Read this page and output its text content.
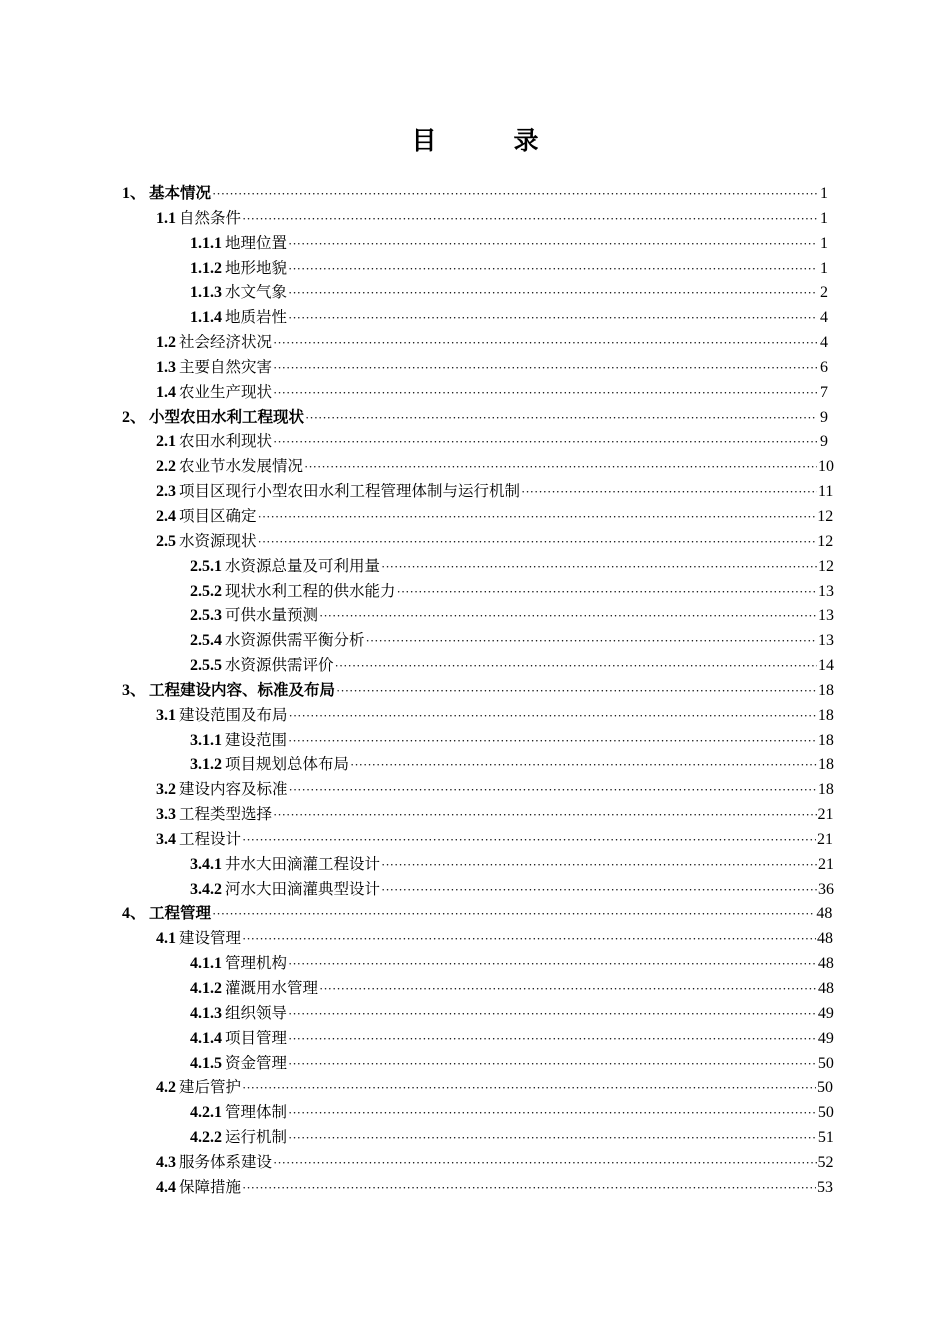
目　录
1、 基本情况 ·····	1
1.1 自然条件 ·····	1
1.1.1 地理位置 ·····	1
1.1.2 地形地貌 ·····	1
1.1.3 水文气象 ·····	2
1.1.4 地质岩性 ·····	4
1.2 社会经济状况 ·····	4
1.3 主要自然灾害 ·····	6
1.4 农业生产现状 ·····	7
2、 小型农田水利工程现状 ·····	9
2.1 农田水利现状 ·····	9
2.2 农业节水发展情况 ·····	10
2.3 项目区现行小型农田水利工程管理体制与运行机制 ·····	11
2.4 项目区确定 ·····	12
2.5 水资源现状 ·····	12
2.5.1 水资源总量及可利用量 ·····	12
2.5.2 现状水利工程的供水能力 ·····	13
2.5.3 可供水量预测 ·····	13
2.5.4 水资源供需平衡分析 ·····	13
2.5.5 水资源供需评价 ·····	14
3、 工程建设内容、标准及布局 ·····	18
3.1 建设范围及布局 ·····	18
3.1.1 建设范围 ·····	18
3.1.2 项目规划总体布局 ·····	18
3.2 建设内容及标准 ·····	18
3.3 工程类型选择 ·····	21
3.4 工程设计 ·····	21
3.4.1 井水大田滴灌工程设计 ·····	21
3.4.2 河水大田滴灌典型设计 ·····	36
4、 工程管理 ·····	48
4.1 建设管理 ·····	48
4.1.1 管理机构 ·····	48
4.1.2 灌溉用水管理 ·····	48
4.1.3 组织领导 ·····	49
4.1.4 项目管理 ·····	49
4.1.5 资金管理 ·····	50
4.2 建后管护 ·····	50
4.2.1 管理体制 ·····	50
4.2.2 运行机制 ·····	51
4.3 服务体系建设 ·····	52
4.4 保障措施 ·····	53
